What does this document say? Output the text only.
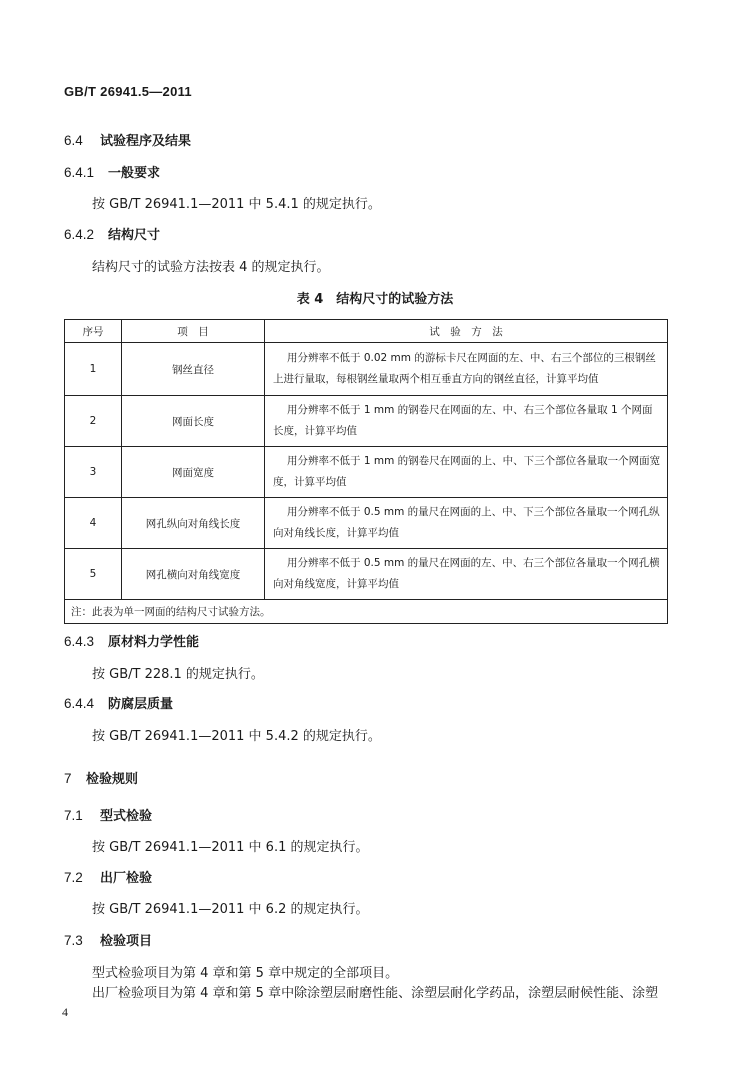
GB/T 26941.5—2011
6.4 试验程序及结果
6.4.1 一般要求
按 GB/T 26941.1—2011 中 5.4.1 的规定执行。
6.4.2 结构尺寸
结构尺寸的试验方法按表 4 的规定执行。
表 4　结构尺寸的试验方法
序号	项　目	试　验　方　法
1	钢丝直径	用分辨率不低于 0.02 mm 的游标卡尺在网面的左、中、右三个部位的三根钢丝上进行量取，每根钢丝量取两个相互垂直方向的钢丝直径，计算平均值
2	网面长度	用分辨率不低于 1 mm 的钢卷尺在网面的左、中、右三个部位各量取 1 个网面长度，计算平均值
3	网面宽度	用分辨率不低于 1 mm 的钢卷尺在网面的上、中、下三个部位各量取一个网面宽度，计算平均值
4	网孔纵向对角线长度	用分辨率不低于 0.5 mm 的量尺在网面的上、中、下三个部位各量取一个网孔纵向对角线长度，计算平均值
5	网孔横向对角线宽度	用分辨率不低于 0.5 mm 的量尺在网面的左、中、右三个部位各量取一个网孔横向对角线宽度，计算平均值
注：此表为单一网面的结构尺寸试验方法。		
6.4.3 原材料力学性能
按 GB/T 228.1 的规定执行。
6.4.4 防腐层质量
按 GB/T 26941.1—2011 中 5.4.2 的规定执行。
7 检验规则
7.1 型式检验
按 GB/T 26941.1—2011 中 6.1 的规定执行。
7.2 出厂检验
按 GB/T 26941.1—2011 中 6.2 的规定执行。
7.3 检验项目
型式检验项目为第 4 章和第 5 章中规定的全部项目。
出厂检验项目为第 4 章和第 5 章中除涂塑层耐磨性能、涂塑层耐化学药品，涂塑层耐候性能、涂塑
4
